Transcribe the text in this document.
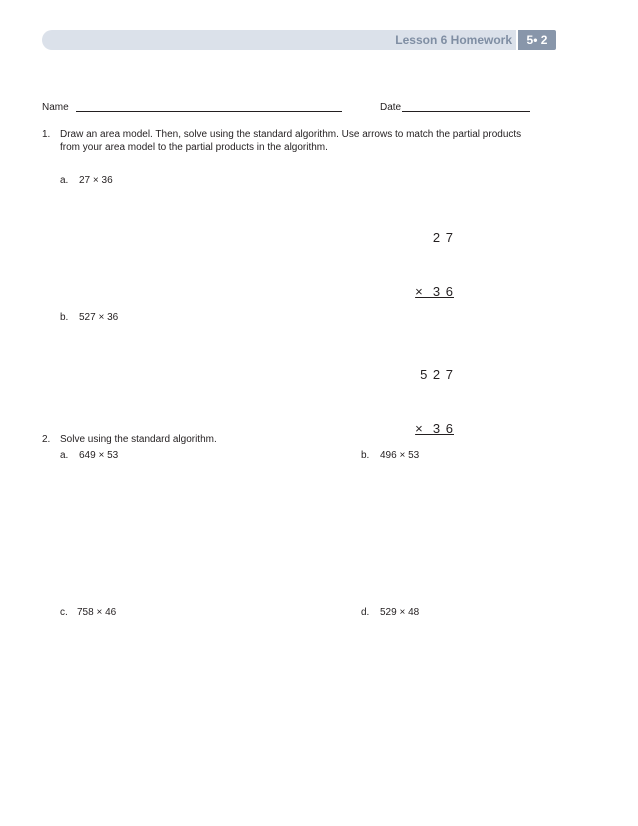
Lesson 6 Homework	5• 2
Name	Date
1. Draw an area model. Then, solve using the standard algorithm. Use arrows to match the partial products
from your area model to the partial products in the algorithm.
a. 27 × 36

2 7

×  3 6

b. 527 × 36

5 2 7

×  3 6

2. Solve using the standard algorithm.
a. 649 × 53	b. 496 × 53
c. 758 × 46	d. 529 × 48
